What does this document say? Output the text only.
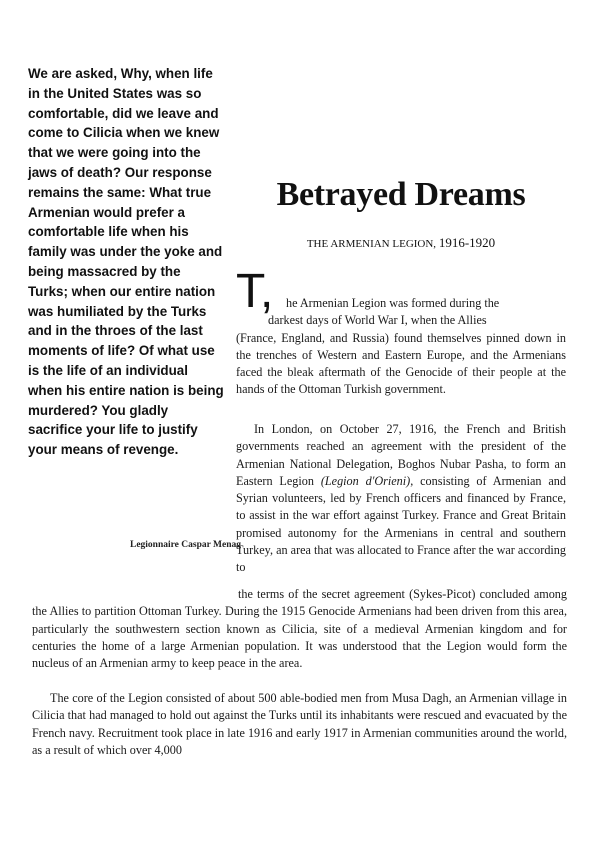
We are asked, Why, when life in the United States was so comfortable, did we leave and come to Cilicia when we knew that we were going into the jaws of death? Our response remains the same: What true Armenian would prefer a comfortable life when his family was under the yoke and being massacred by the Turks; when our entire nation was humiliated by the Turks and in the throes of the last moments of life? Of what use is the life of an individual when his entire nation is being murdered? You gladly sacrifice your life to justify your means of revenge.

Legionnaire Caspar Menag
Betrayed Dreams
THE ARMENIAN LEGION, 1916-1920
T,	he Armenian Legion was formed during the
darkest days of World War I, when the Allies
(France, England, and Russia) found themselves pinned down in the trenches of Western and Eastern Europe, and the Armenians faced the bleak aftermath of the Genocide of their people at the hands of the Ottoman Turkish government.

In London, on October 27, 1916, the French and British governments reached an agreement with the president of the Armenian National Delegation, Boghos Nubar Pasha, to form an Eastern Legion (Legion d'Orieni), consisting of Armenian and Syrian volunteers, led by French officers and financed by France, to assist in the war effort against Turkey. France and Great Britain promised autonomy for the Armenians in central and southern Turkey, an area that was allocated to France after the war according to

the terms of the secret agreement (Sykes-Picot) concluded among the Allies to partition Ottoman Turkey. During the 1915 Genocide Armenians had been driven from this area, particularly the southwestern section known as Cilicia, site of a medieval Armenian kingdom and for centuries the home of a large Armenian population. It was understood that the Legion would form the nucleus of an Armenian army to keep peace in the area.

The core of the Legion consisted of about 500 able-bodied men from Musa Dagh, an Armenian village in Cilicia that had managed to hold out against the Turks until its inhabitants were rescued and evacuated by the French navy. Recruitment took place in late 1916 and early 1917 in Armenian communities around the world, as a result of which over 4,000
